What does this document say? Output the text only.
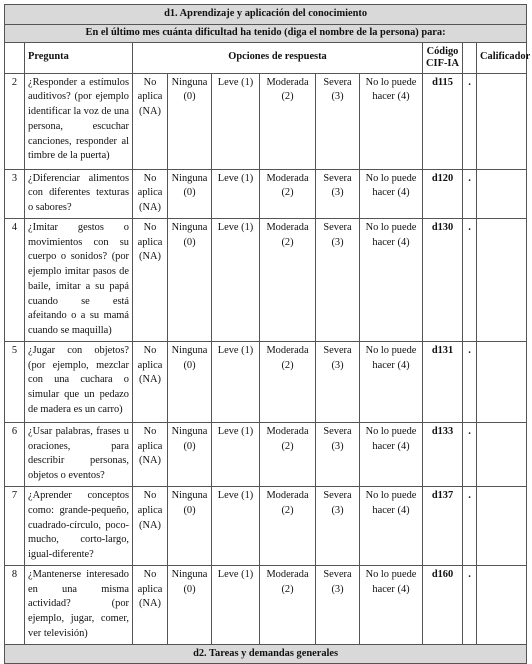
d1. Aprendizaje y aplicación del conocimiento										
En el último mes cuánta dificultad ha tenido (diga el nombre de la persona) para:										
	Pregunta	Opciones de respuesta						Código CIF-IA		Calificador
2	¿Responder a estímulos auditivos? (por ejemplo identificar la voz de una persona, escuchar canciones, responder al timbre de la puerta)	No aplica (NA)	Ninguna (0)	Leve (1)	Moderada (2)	Severa (3)	No lo puede hacer (4)	d115	.	
3	¿Diferenciar alimentos con diferentes texturas o sabores?	No aplica (NA)	Ninguna (0)	Leve (1)	Moderada (2)	Severa (3)	No lo puede hacer (4)	d120	.	
4	¿Imitar gestos o movimientos con su cuerpo o sonidos? (por ejemplo imitar pasos de baile, imitar a su papá cuando se está afeitando o a su mamá cuando se maquilla)	No aplica (NA)	Ninguna (0)	Leve (1)	Moderada (2)	Severa (3)	No lo puede hacer (4)	d130	.	
5	¿Jugar con objetos? (por ejemplo, mezclar con una cuchara o simular que un pedazo de madera es un carro)	No aplica (NA)	Ninguna (0)	Leve (1)	Moderada (2)	Severa (3)	No lo puede hacer (4)	d131	.	
6	¿Usar palabras, frases u oraciones, para describir personas, objetos o eventos?	No aplica (NA)	Ninguna (0)	Leve (1)	Moderada (2)	Severa (3)	No lo puede hacer (4)	d133	.	
7	¿Aprender conceptos como: grande-pequeño, cuadrado-círculo, poco-mucho, corto-largo, igual-diferente?	No aplica (NA)	Ninguna (0)	Leve (1)	Moderada (2)	Severa (3)	No lo puede hacer (4)	d137	.	
8	¿Mantenerse interesado en una misma actividad? (por ejemplo, jugar, comer, ver televisión)	No aplica (NA)	Ninguna (0)	Leve (1)	Moderada (2)	Severa (3)	No lo puede hacer (4)	d160	.	
d2. Tareas y demandas generales										
